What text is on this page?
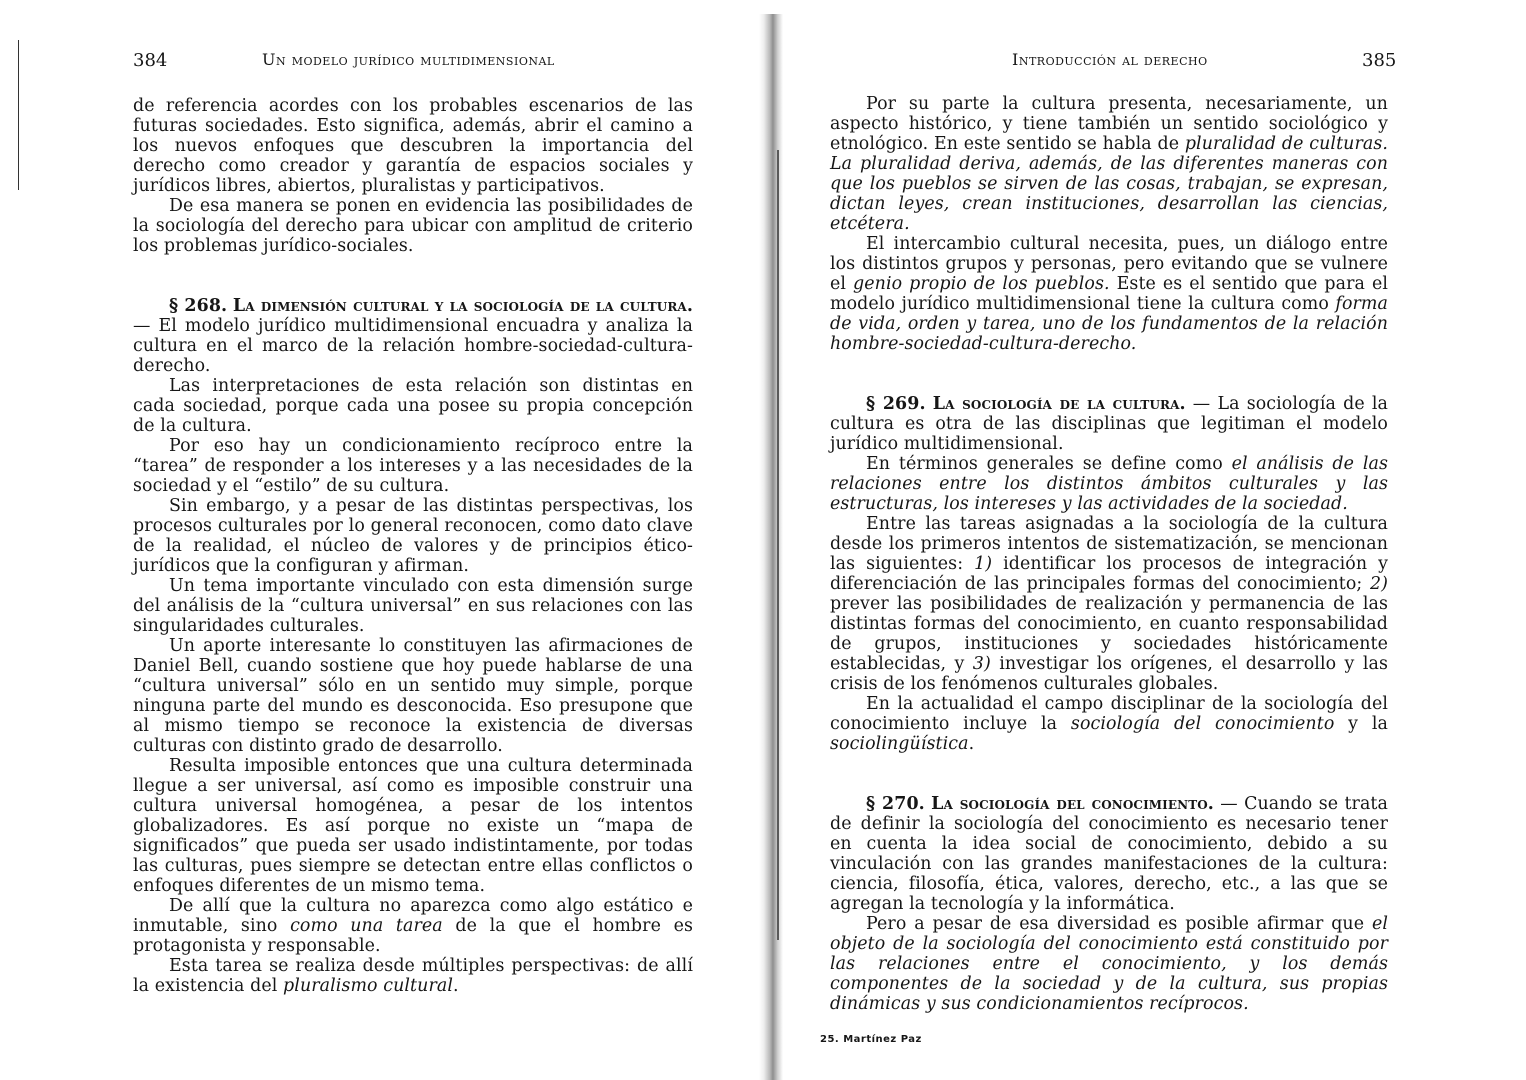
384	Un modelo jurídico multidimensional

de referencia acordes con los probables escenarios de las futuras sociedades. Esto significa, además, abrir el camino a los nuevos enfoques que descubren la importancia del derecho como creador y garantía de espacios sociales y jurídicos libres, abiertos, pluralistas y participativos.

De esa manera se ponen en evidencia las posibilidades de la sociología del derecho para ubicar con amplitud de criterio los problemas jurídico-sociales.

§ 268. La dimensión cultural y la sociología de la cultura. — El modelo jurídico multidimensional encuadra y analiza la cultura en el marco de la relación hombre-sociedad-cultura-derecho.

Las interpretaciones de esta relación son distintas en cada sociedad, porque cada una posee su propia concepción de la cultura.

Por eso hay un condicionamiento recíproco entre la “tarea” de responder a los intereses y a las necesidades de la sociedad y el “estilo” de su cultura.

Sin embargo, y a pesar de las distintas perspectivas, los procesos culturales por lo general reconocen, como dato clave de la realidad, el núcleo de valores y de principios ético-jurídicos que la configuran y afirman.

Un tema importante vinculado con esta dimensión surge del análisis de la “cultura universal” en sus relaciones con las singularidades culturales.

Un aporte interesante lo constituyen las afirmaciones de Daniel Bell, cuando sostiene que hoy puede hablarse de una “cultura universal” sólo en un sentido muy simple, porque ninguna parte del mundo es desconocida. Eso presupone que al mismo tiempo se reconoce la existencia de diversas culturas con distinto grado de desarrollo.

Resulta imposible entonces que una cultura determinada llegue a ser universal, así como es imposible construir una cultura universal homogénea, a pesar de los intentos globalizadores. Es así porque no existe un “mapa de significados” que pueda ser usado indistintamente, por todas las culturas, pues siempre se detectan entre ellas conflictos o enfoques diferentes de un mismo tema.

De allí que la cultura no aparezca como algo estático e inmutable, sino como una tarea de la que el hombre es protagonista y responsable.

Esta tarea se realiza desde múltiples perspectivas: de allí la existencia del pluralismo cultural.

Introducción al derecho	385

Por su parte la cultura presenta, necesariamente, un aspecto histórico, y tiene también un sentido sociológico y etnológico. En este sentido se habla de pluralidad de culturas. La pluralidad deriva, además, de las diferentes maneras con que los pueblos se sirven de las cosas, trabajan, se expresan, dictan leyes, crean instituciones, desarrollan las ciencias, etcétera.

El intercambio cultural necesita, pues, un diálogo entre los distintos grupos y personas, pero evitando que se vulnere el genio propio de los pueblos. Este es el sentido que para el modelo jurídico multidimensional tiene la cultura como forma de vida, orden y tarea, uno de los fundamentos de la relación hombre-sociedad-cultura-derecho.

§ 269. La sociología de la cultura. — La sociología de la cultura es otra de las disciplinas que legitiman el modelo jurídico multidimensional.

En términos generales se define como el análisis de las relaciones entre los distintos ámbitos culturales y las estructuras, los intereses y las actividades de la sociedad.

Entre las tareas asignadas a la sociología de la cultura desde los primeros intentos de sistematización, se mencionan las siguientes: 1) identificar los procesos de integración y diferenciación de las principales formas del conocimiento; 2) prever las posibilidades de realización y permanencia de las distintas formas del conocimiento, en cuanto responsabilidad de grupos, instituciones y sociedades históricamente establecidas, y 3) investigar los orígenes, el desarrollo y las crisis de los fenómenos culturales globales.

En la actualidad el campo disciplinar de la sociología del conocimiento incluye la sociología del conocimiento y la sociolingüística.

§ 270. La sociología del conocimiento. — Cuando se trata de definir la sociología del conocimiento es necesario tener en cuenta la idea social de conocimiento, debido a su vinculación con las grandes manifestaciones de la cultura: ciencia, filosofía, ética, valores, derecho, etc., a las que se agregan la tecnología y la informática.

Pero a pesar de esa diversidad es posible afirmar que el objeto de la sociología del conocimiento está constituido por las relaciones entre el conocimiento, y los demás componentes de la sociedad y de la cultura, sus propias dinámicas y sus condicionamientos recíprocos.

25. Martínez Paz
